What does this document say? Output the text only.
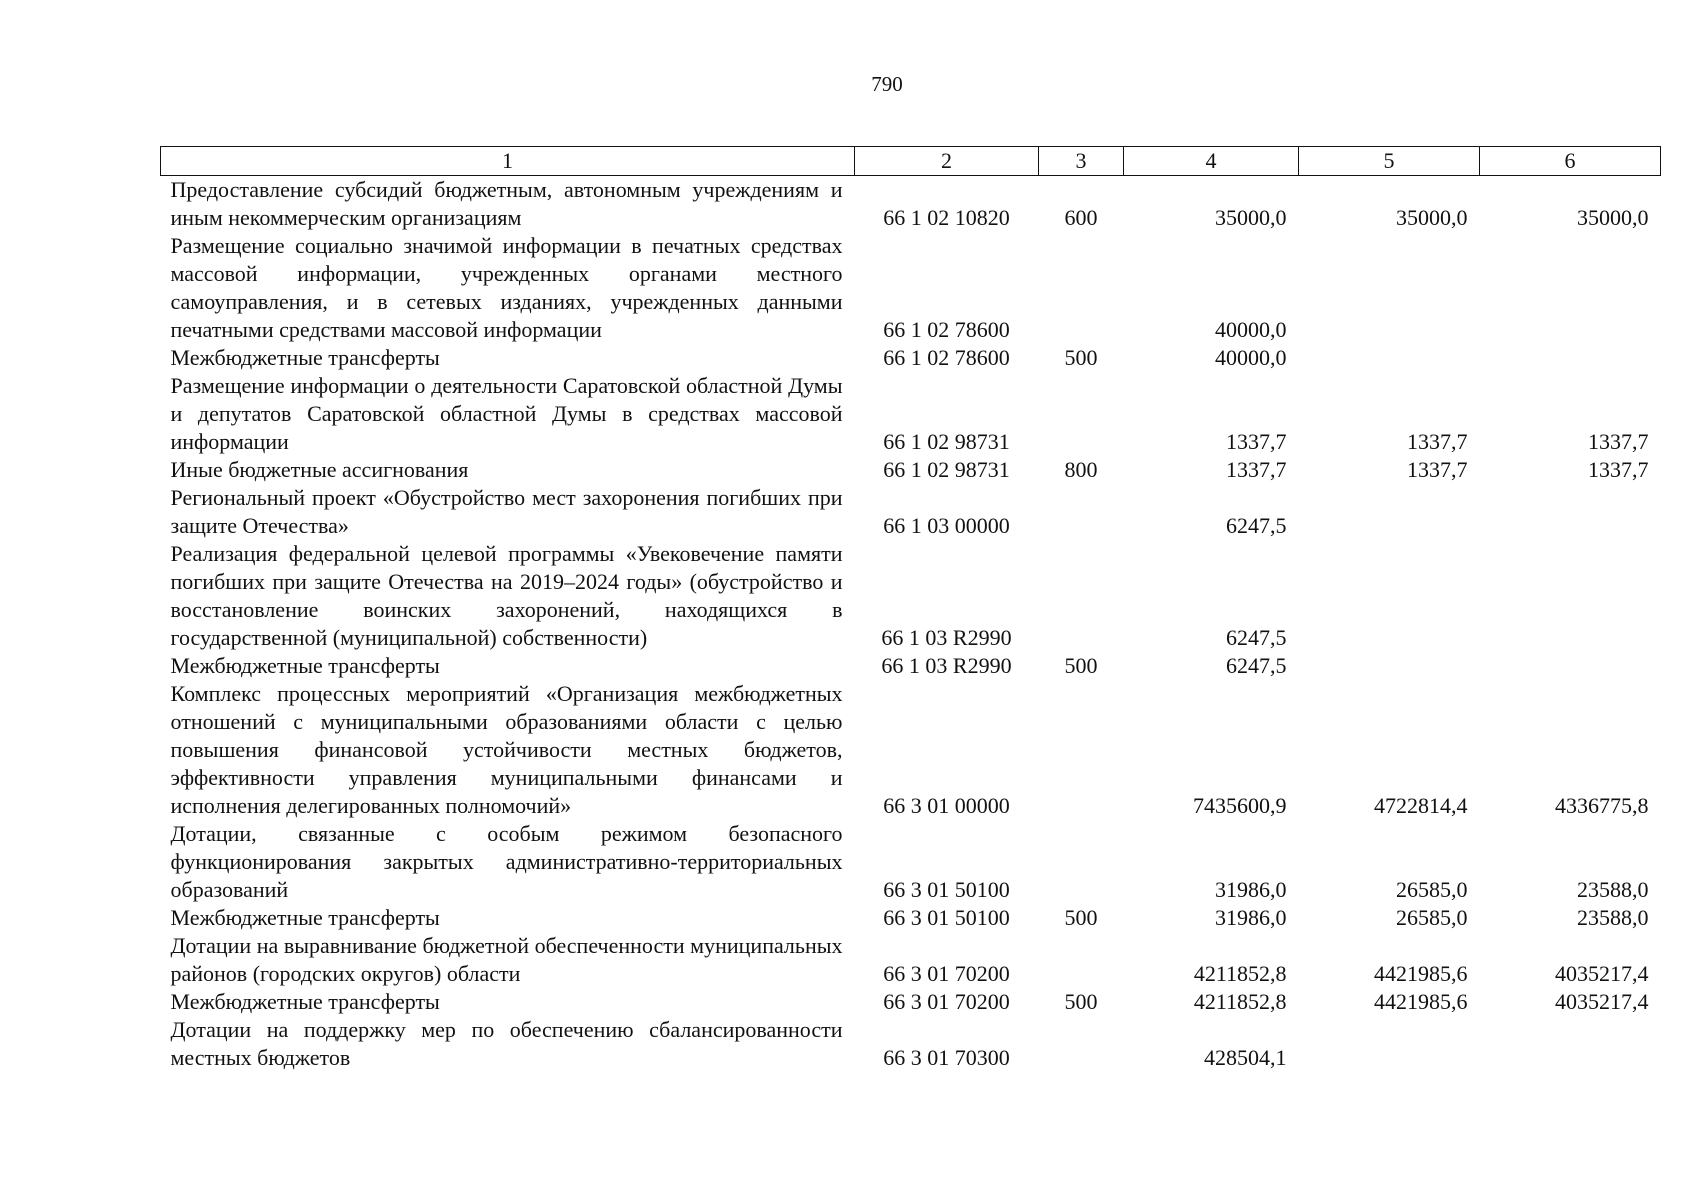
790
1	2	3	4	5	6
Предоставление субсидий бюджетным, автономным учреждениям и иным некоммерческим организациям	66 1 02 10820	600	35000,0	35000,0	35000,0
Размещение социально значимой информации в печатных средствах массовой информации, учрежденных органами местного самоуправления, и в сетевых изданиях, учрежденных данными печатными средствами массовой информации	66 1 02 78600		40000,0		
Межбюджетные трансферты	66 1 02 78600	500	40000,0		
Размещение информации о деятельности Саратовской областной Думы и депутатов Саратовской областной Думы в средствах массовой информации	66 1 02 98731		1337,7	1337,7	1337,7
Иные бюджетные ассигнования	66 1 02 98731	800	1337,7	1337,7	1337,7
Региональный проект «Обустройство мест захоронения погибших при защите Отечества»	66 1 03 00000		6247,5		
Реализация федеральной целевой программы «Увековечение памяти погибших при защите Отечества на 2019–2024 годы» (обустройство и восстановление воинских захоронений, находящихся в государственной (муниципальной) собственности)	66 1 03 R2990		6247,5		
Межбюджетные трансферты	66 1 03 R2990	500	6247,5		
Комплекс процессных мероприятий «Организация межбюджетных отношений с муниципальными образованиями области с целью повышения финансовой устойчивости местных бюджетов, эффективности управления муниципальными финансами и исполнения делегированных полномочий»	66 3 01 00000		7435600,9	4722814,4	4336775,8
Дотации, связанные с особым режимом безопасного функционирования закрытых административно-территориальных образований	66 3 01 50100		31986,0	26585,0	23588,0
Межбюджетные трансферты	66 3 01 50100	500	31986,0	26585,0	23588,0
Дотации на выравнивание бюджетной обеспеченности муниципальных районов (городских округов) области	66 3 01 70200		4211852,8	4421985,6	4035217,4
Межбюджетные трансферты	66 3 01 70200	500	4211852,8	4421985,6	4035217,4
Дотации на поддержку мер по обеспечению сбалансированности местных бюджетов	66 3 01 70300		428504,1		
